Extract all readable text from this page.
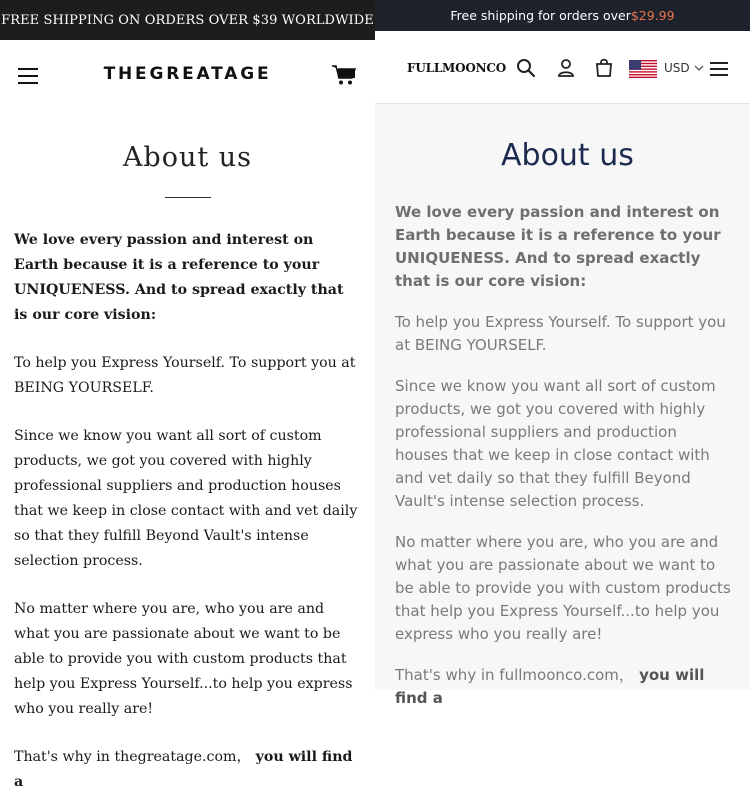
FREE SHIPPING ON ORDERS OVER $39 WORLDWIDE
THEGREATAGE
About us

We love every passion and interest on Earth because it is a reference to your UNIQUENESS. And to spread exactly that is our core vision:

To help you Express Yourself. To support you at BEING YOURSELF.

Since we know you want all sort of custom products, we got you covered with highly professional suppliers and production houses that we keep in close contact with and vet daily so that they fulfill Beyond Vault's intense selection process.

No matter where you are, who you are and what you are passionate about we want to be able to provide you with custom products that help you Express Yourself...to help you express who you really are!

That's why in thegreatage.com， you will find a

Free shipping for orders over $29.99
FULLMOONCO	USD
About us

We love every passion and interest on Earth because it is a reference to your UNIQUENESS. And to spread exactly that is our core vision:

To help you Express Yourself. To support you at BEING YOURSELF.

Since we know you want all sort of custom products, we got you covered with highly professional suppliers and production houses that we keep in close contact with and vet daily so that they fulfill Beyond Vault's intense selection process.

No matter where you are, who you are and what you are passionate about we want to be able to provide you with custom products that help you Express Yourself...to help you express who you really are!

That's why in fullmoonco.com， you will find a
